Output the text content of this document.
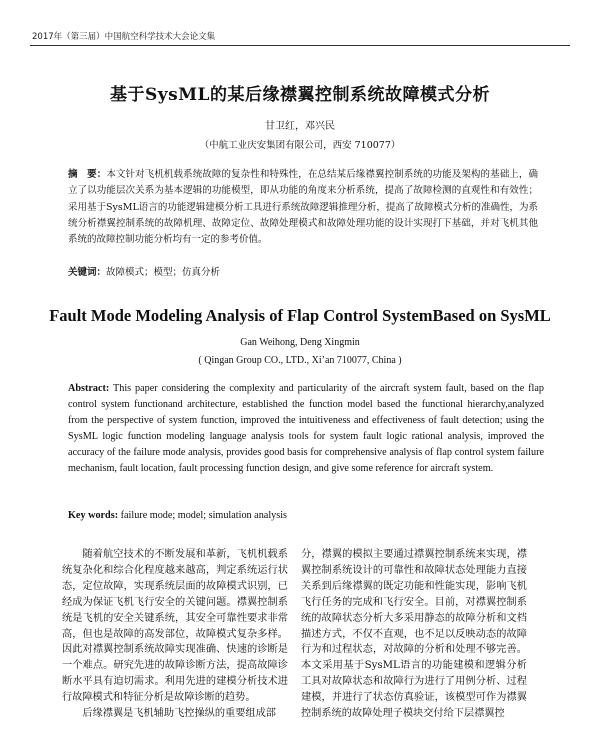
2017年（第三届）中国航空科学技术大会论文集
基于SysML的某后缘襟翼控制系统故障模式分析
甘卫红，邓兴民
（中航工业庆安集团有限公司，西安 710077）

摘　要：本文针对飞机机载系统故障的复杂性和特殊性，在总结某后缘襟翼控制系统的功能及架构的基础上，确立了以功能层次关系为基本逻辑的功能模型，即从功能的角度来分析系统，提高了故障检测的直观性和有效性；采用基于SysML语言的功能逻辑建模分析工具进行系统故障逻辑推理分析，提高了故障模式分析的准确性，为系统分析襟翼控制系统的故障机理、故障定位、故障处理模式和故障处理功能的设计实现打下基础，并对飞机其他系统的故障控制功能分析均有一定的参考价值。

关键词：故障模式；模型；仿真分析

Fault Mode Modeling Analysis of Flap Control SystemBased on SysML
Gan Weihong, Deng Xingmin
( Qingan Group CO., LTD., Xi’an 710077, China )

Abstract: This paper considering the complexity and particularity of the aircraft system fault, based on the flap control system functionand architecture, established the function model based the functional hierarchy,analyzed from the perspective of system function, improved the intuitiveness and effectiveness of fault detection; using the SysML logic function modeling language analysis tools for system fault logic rational analysis, improved the accuracy of the failure mode analysis, provides good basis for comprehensive analysis of flap control system failure mechanism, fault location, fault processing function design, and give some reference for aircraft system.

Key words: failure mode; model; simulation analysis

随着航空技术的不断发展和革新，飞机机载系统复杂化和综合化程度越来越高，判定系统运行状态，定位故障，实现系统层面的故障模式识别，已经成为保证飞机飞行安全的关键问题。襟翼控制系统是飞机的安全关键系统，其安全可靠性要求非常高，但也是故障的高发部位，故障模式复杂多样。因此对襟翼控制系统故障实现准确、快速的诊断是一个难点。研究先进的故障诊断方法，提高故障诊断水平具有迫切需求。利用先进的建模分析技术进行故障模式和特征分析是故障诊断的趋势。

后缘襟翼是飞机辅助飞控操纵的重要组成部

分，襟翼的模拟主要通过襟翼控制系统来实现，襟翼控制系统设计的可靠性和故障状态处理能力直接关系到后缘襟翼的既定功能和性能实现，影响飞机飞行任务的完成和飞行安全。目前，对襟翼控制系统的故障状态分析大多采用静态的故障分析和文档描述方式，不仅不直观，也不足以反映动态的故障行为和过程状态，对故障的分析和处理不够完善。本文采用基于SysML语言的功能建模和逻辑分析工具对故障状态和故障行为进行了用例分析、过程建模，并进行了状态仿真验证，该模型可作为襟翼控制系统的故障处理子模块交付给下层襟翼控
